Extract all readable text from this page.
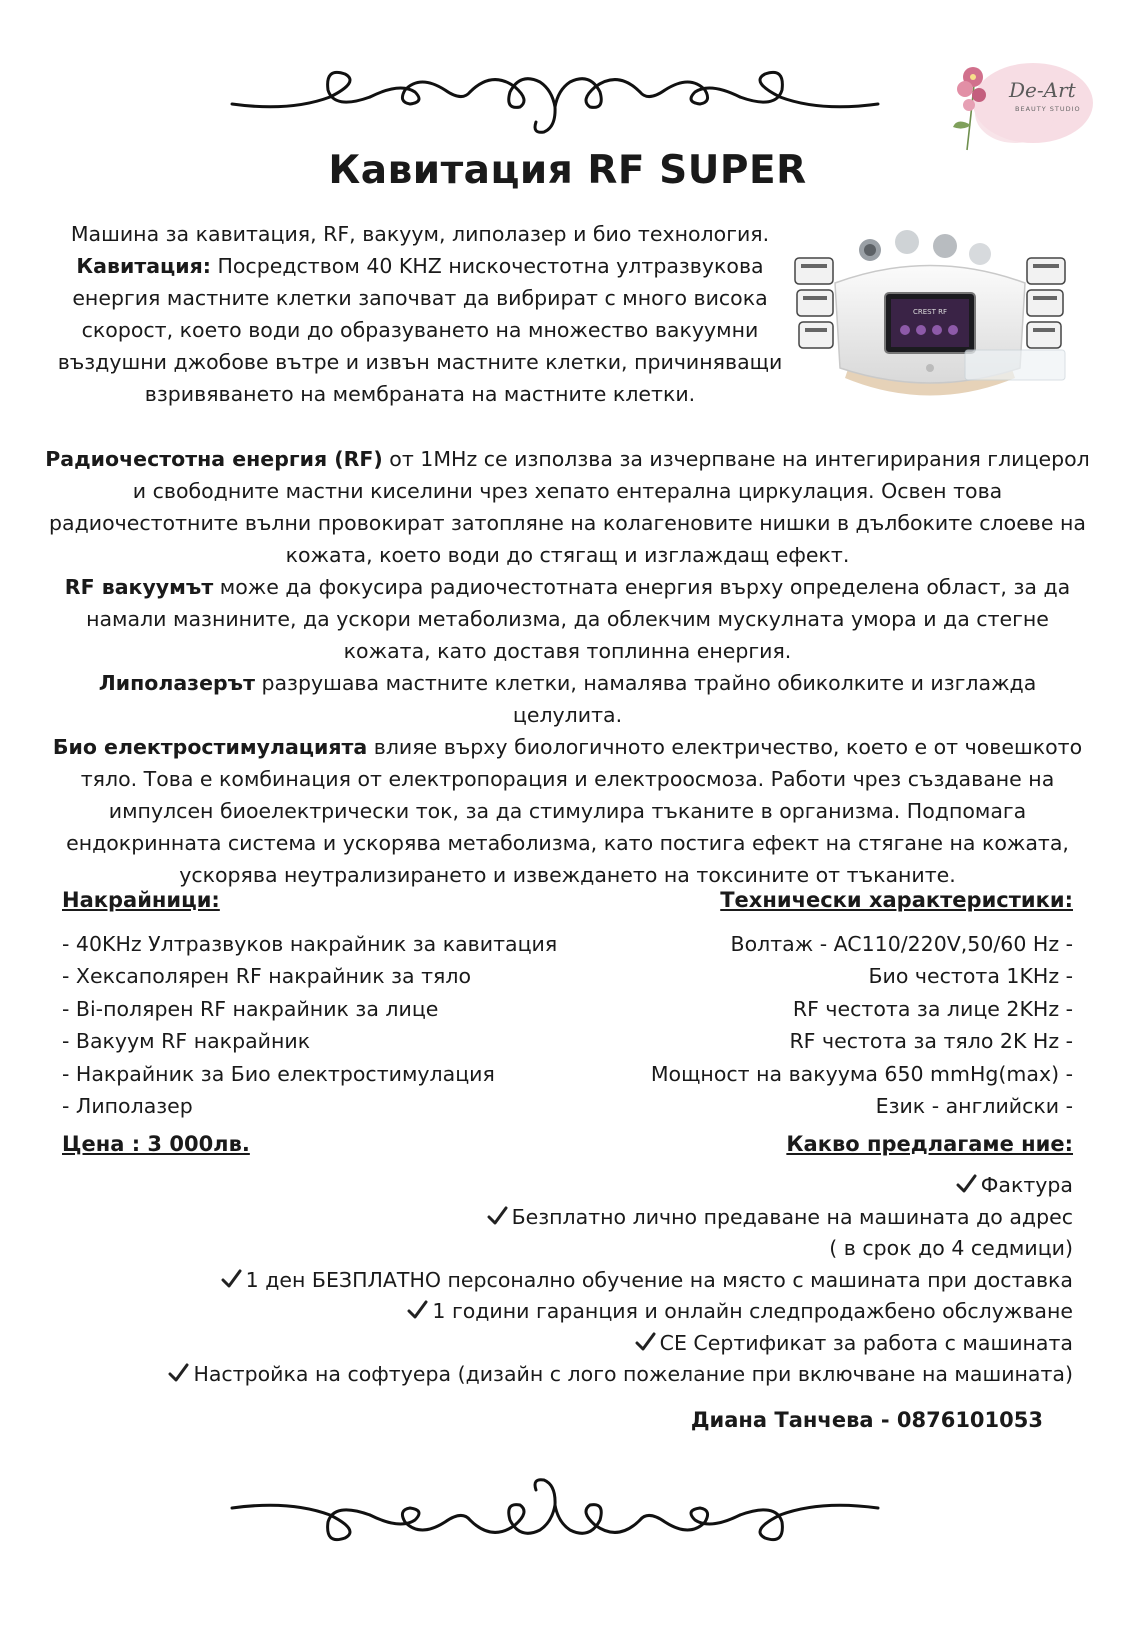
De-Art
BEAUTY STUDIO
Кавитация RF SUPER
Машина за кавитация, RF, вакуум, липолазер и био технология. Кавитация: Посредством 40 KHZ нискочестотна ултразвукова енергия мастните клетки започват да вибрират с много висока скорост, което води до образуването на множество вакуумни въздушни джобове вътре и извън мастните клетки, причиняващи взривяването на мембраната на мастните клетки.
CREST RF
Радиочестотна енергия (RF) от 1MHz се използва за изчерпване на интегирирания глицерол и свободните мастни киселини чрез хепато ентерална циркулация. Освен това радиочестотните вълни провокират затопляне на колагеновите нишки в дълбоките слоеве на кожата, което води до стягащ и изглаждащ ефект.
RF вакуумът може да фокусира радиочестотната енергия върху определена област, за да намали мазнините, да ускори метаболизма, да облекчим мускулната умора и да стегне кожата, като доставя топлинна енергия.
Липолазерът разрушава мастните клетки, намалява трайно обиколките и изглажда целулита.
Био електростимулацията влияе върху биологичното електричество, което е от човешкото тяло. Това е комбинация от електропорация и електроосмоза. Работи чрез създаване на импулсен биоелектрически ток, за да стимулира тъканите в организма. Подпомага ендокринната система и ускорява метаболизма, като постига ефект на стягане на кожата, ускорява неутрализирането и извеждането на токсините от тъканите.
Накрайници:
- 40KHz Ултразвуков накрайник за кавитация
- Хексаполярен RF накрайник за тяло
- Bi-полярен RF накрайник за лице
- Вакуум RF накрайник
- Накрайник за Био електростимулация
- Липолазер
Технически характеристики:
Волтаж - AC110/220V,50/60 Hz -
Био честота 1KHz -
RF честота за лице 2KHz -
RF честота за тяло 2K Hz -
Мощност на вакуума 650 mmHg(max) -
Език - английски -
Цена : 3 000лв.	Какво предлагаме ние:
Фактура
Безплатно лично предаване на машината до адрес
( в срок до 4 седмици)
1 ден БЕЗПЛАТНО персонално обучение на място с машината при доставка
1 години гаранция и онлайн следпродажбено обслужване
CE Сертификат за работа с машината
Настройка на софтуера (дизайн с лого пожелание при включване на машината)
Диана Танчева - 0876101053
